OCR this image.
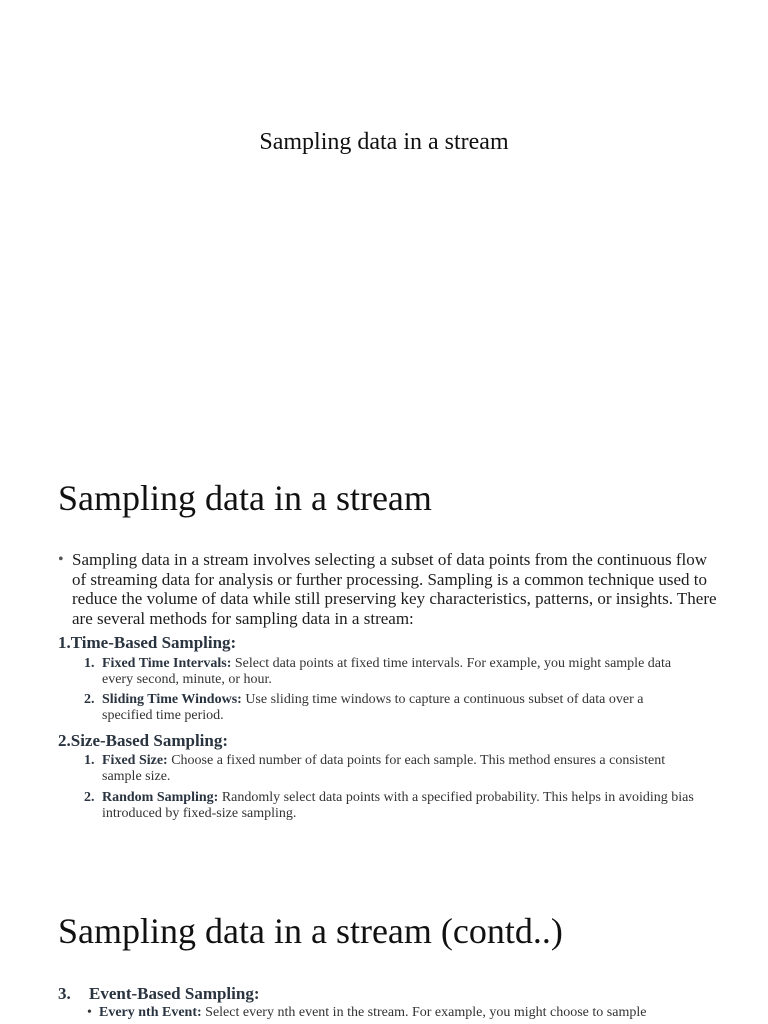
Sampling data in a stream
Sampling data in a stream
• Sampling data in a stream involves selecting a subset of data points from the continuous flow of streaming data for analysis or further processing. Sampling is a common technique used to reduce the volume of data while still preserving key characteristics, patterns, or insights. There are several methods for sampling data in a stream:
1.Time-Based Sampling:
1. Fixed Time Intervals: Select data points at fixed time intervals. For example, you might sample data every second, minute, or hour.
2. Sliding Time Windows: Use sliding time windows to capture a continuous subset of data over a specified time period.
2.Size-Based Sampling:
1. Fixed Size: Choose a fixed number of data points for each sample. This method ensures a consistent sample size.
2. Random Sampling: Randomly select data points with a specified probability. This helps in avoiding bias introduced by fixed-size sampling.
Sampling data in a stream (contd..)
3. Event-Based Sampling:
• Every nth Event: Select every nth event in the stream. For example, you might choose to sample
